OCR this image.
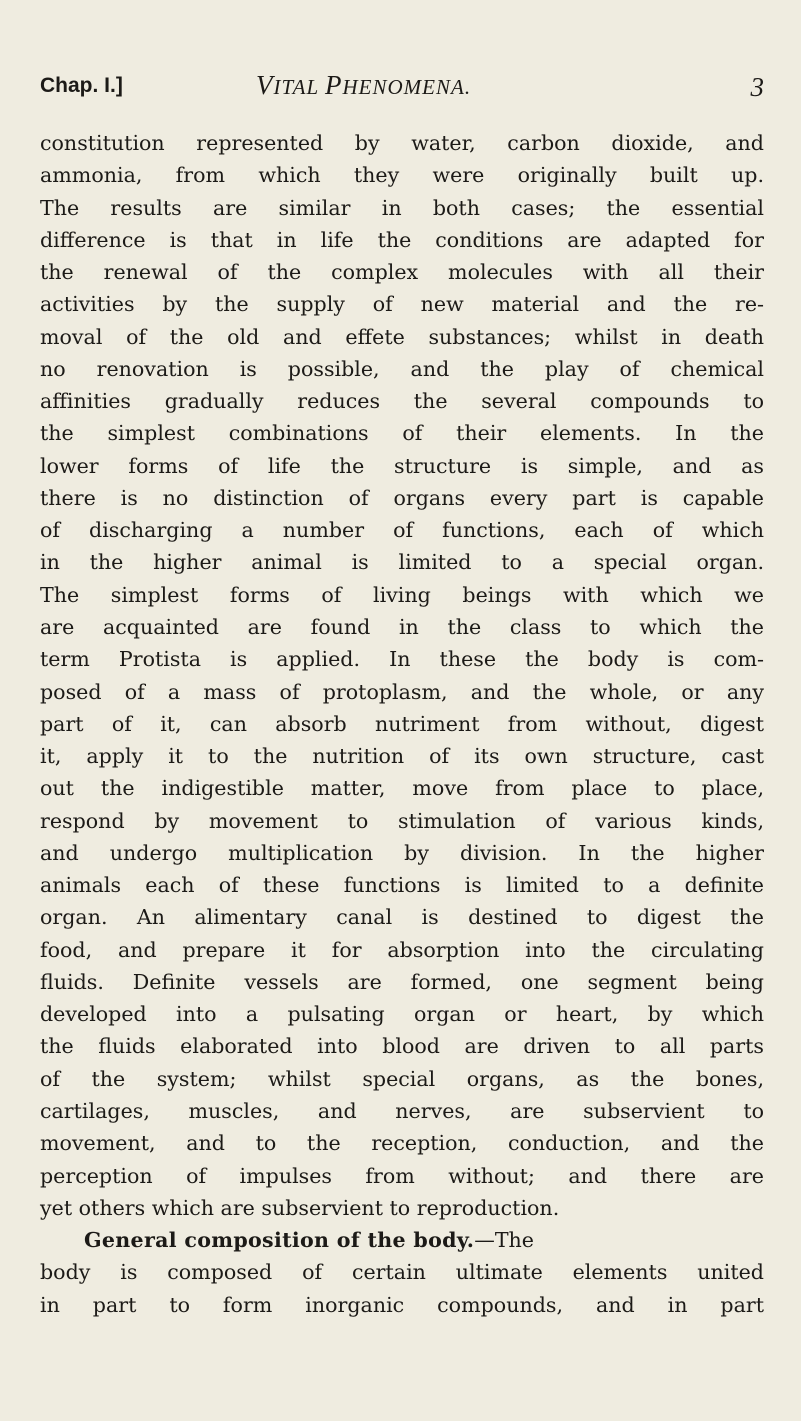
Chap. I.]	VITAL PHENOMENA.	3
constitution represented by water, carbon dioxide, and
ammonia, from which they were originally built up.
The results are similar in both cases; the essential
difference is that in life the conditions are adapted for
the renewal of the complex molecules with all their
activities by the supply of new material and the re-
moval of the old and effete substances; whilst in death
no renovation is possible, and the play of chemical
affinities gradually reduces the several compounds to
the simplest combinations of their elements. In the
lower forms of life the structure is simple, and as
there is no distinction of organs every part is capable
of discharging a number of functions, each of which
in the higher animal is limited to a special organ.
The simplest forms of living beings with which we
are acquainted are found in the class to which the
term Protista is applied. In these the body is com-
posed of a mass of protoplasm, and the whole, or any
part of it, can absorb nutriment from without, digest
it, apply it to the nutrition of its own structure, cast
out the indigestible matter, move from place to place,
respond by movement to stimulation of various kinds,
and undergo multiplication by division. In the higher
animals each of these functions is limited to a definite
organ. An alimentary canal is destined to digest the
food, and prepare it for absorption into the circulating
fluids. Definite vessels are formed, one segment being
developed into a pulsating organ or heart, by which
the fluids elaborated into blood are driven to all parts
of the system; whilst special organs, as the bones,
cartilages, muscles, and nerves, are subservient to
movement, and to the reception, conduction, and the
perception of impulses from without; and there are
yet others which are subservient to reproduction.
General composition of the body.—The
body is composed of certain ultimate elements united
in part to form inorganic compounds, and in part
